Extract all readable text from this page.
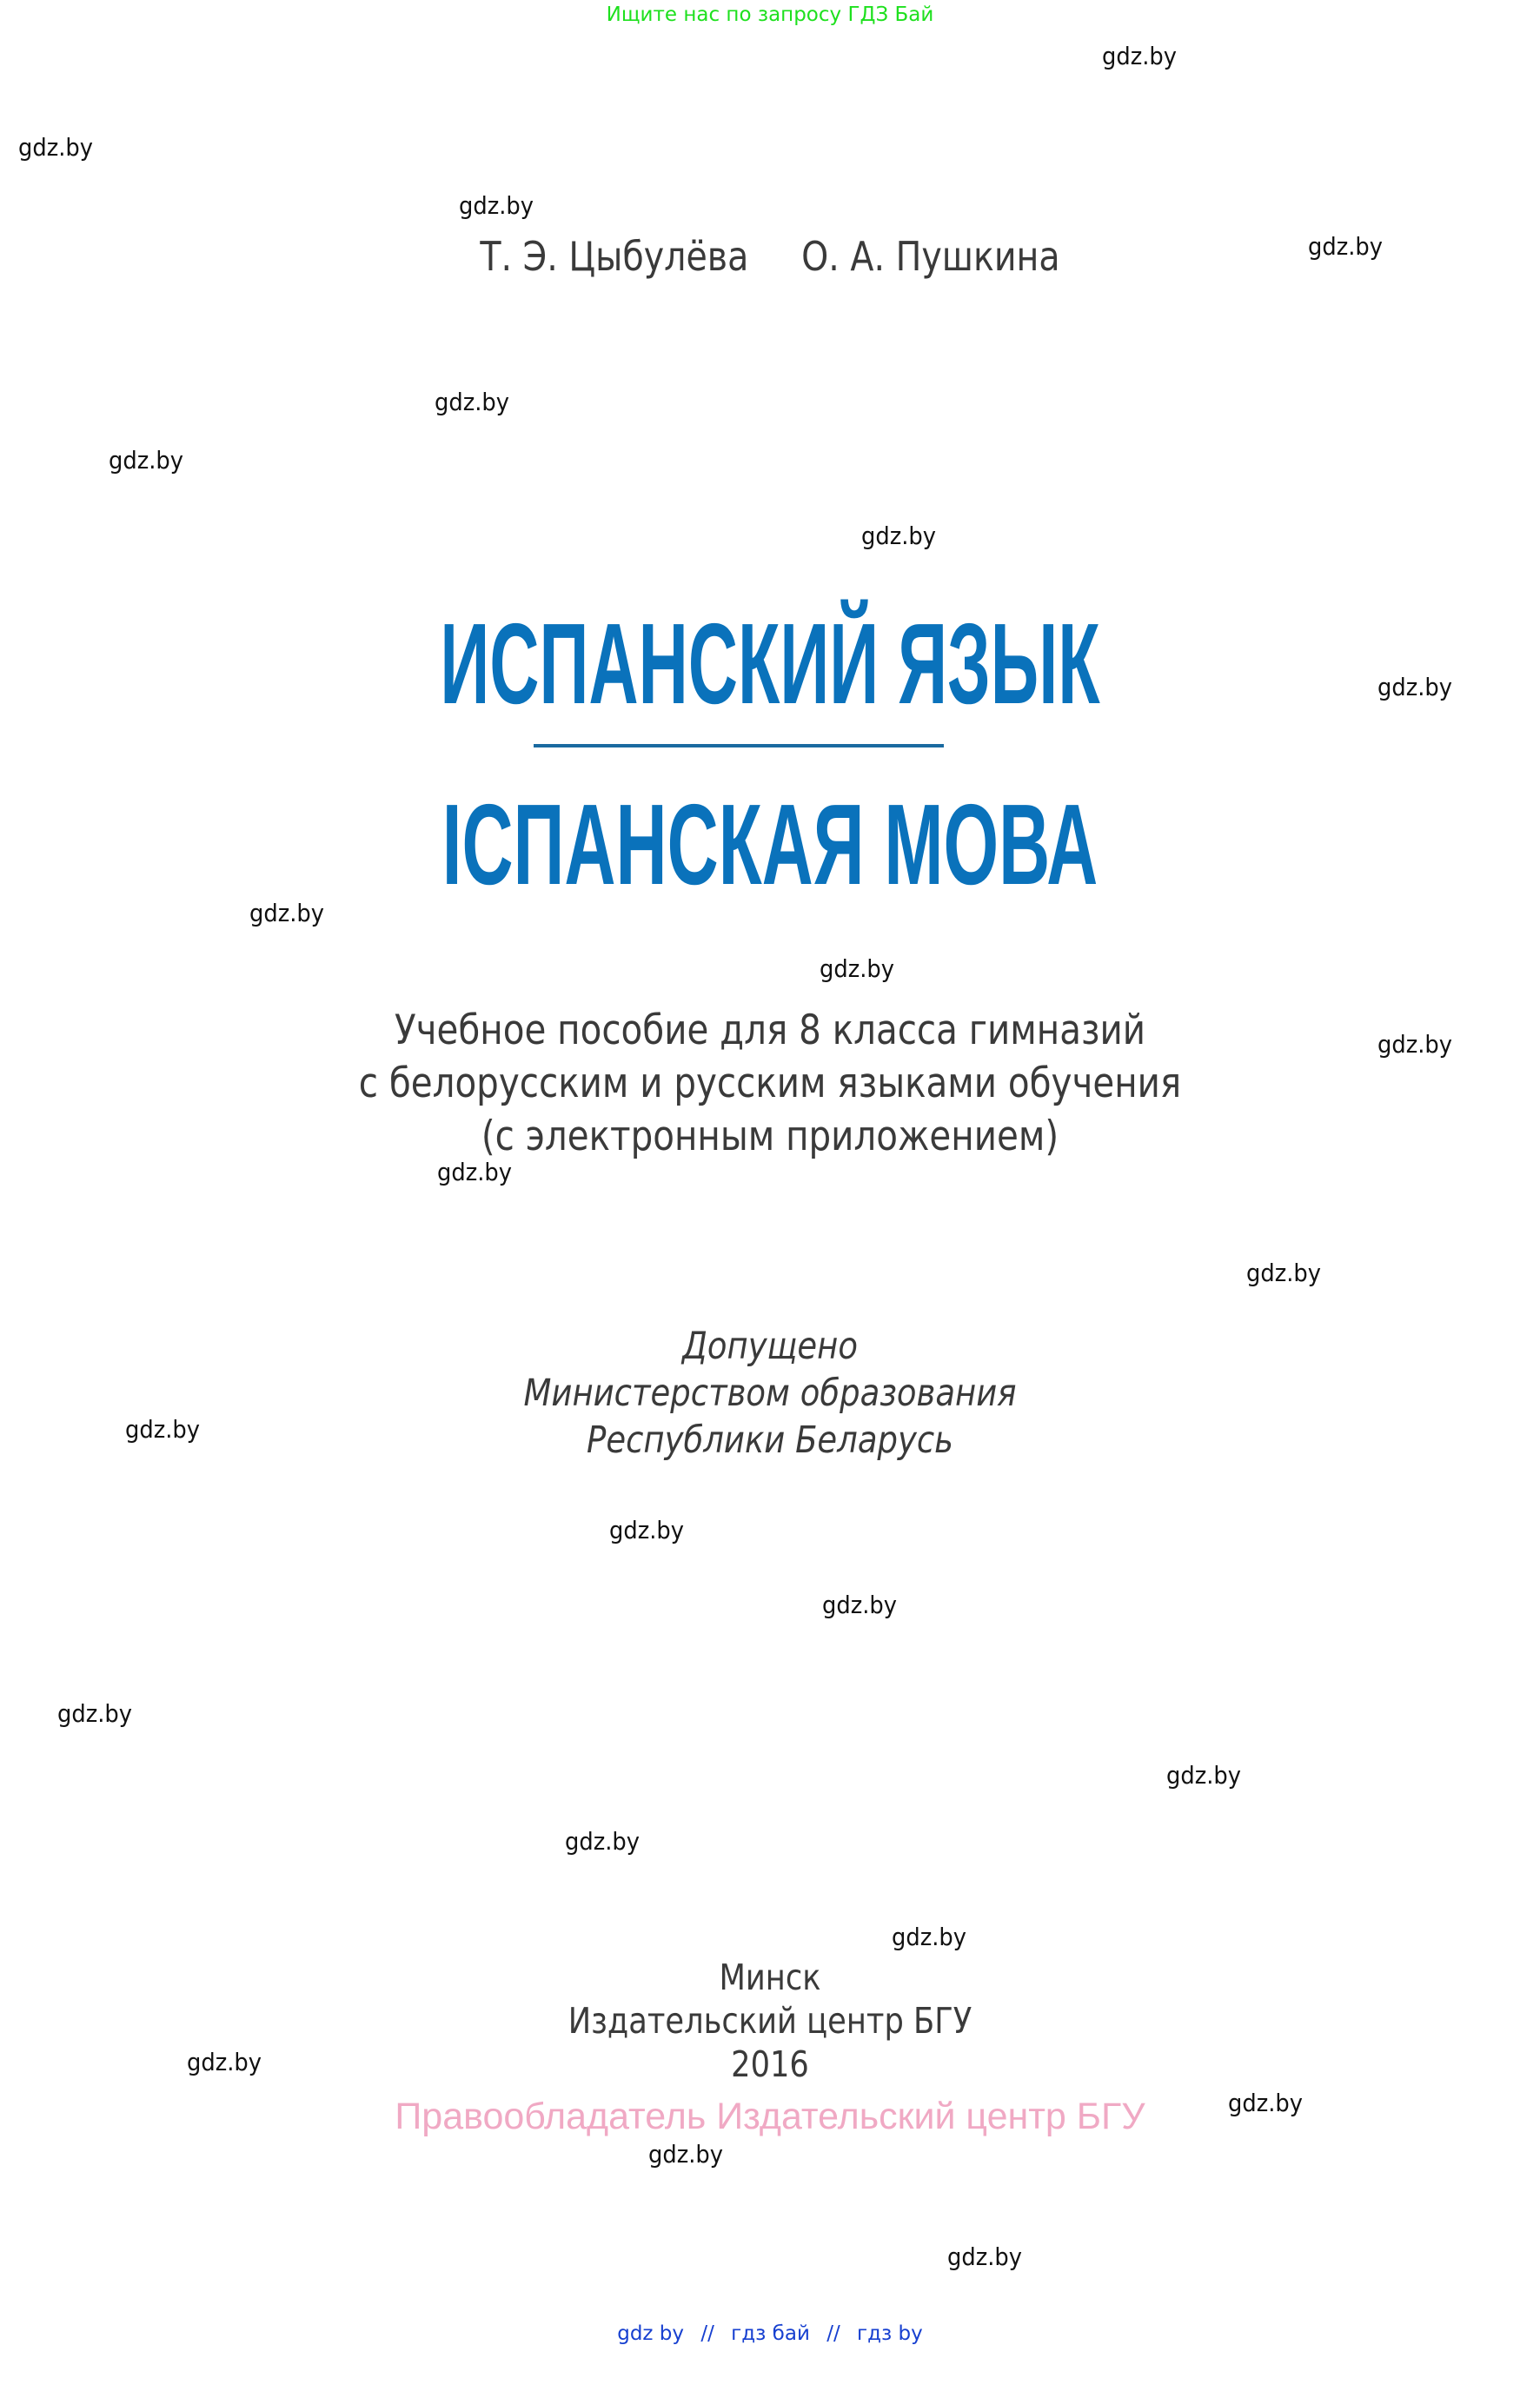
Ищите нас по запросу ГДЗ Бай
Т. Э. Цыбулёва О. А. Пушкина
ИСПАНСКИЙ ЯЗЫК
ІСПАНСКАЯ МОВА
Учебное пособие для 8 класса гимназий
с белорусским и русским языками обучения
(с электронным приложением)
Допущено
Министерством образования
Республики Беларусь
Минск
Издательский центр БГУ
2016
Правообладатель Издательский центр БГУ
gdz.by
gdz.by
gdz.by
gdz.by
gdz.by
gdz.by
gdz.by
gdz.by
gdz.by
gdz.by
gdz.by
gdz.by
gdz.by
gdz.by
gdz.by
gdz.by
gdz.by
gdz.by
gdz.by
gdz.by
gdz.by
gdz.by
gdz.by
gdz.by
gdz by // гдз бай // гдз by
